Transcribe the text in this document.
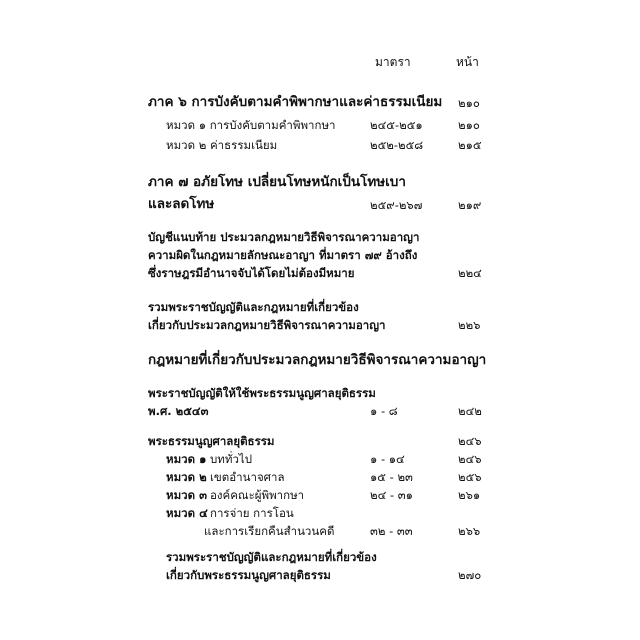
มาตรา	หน้า
ภาค ๖ การบังคับตามคำพิพากษาและค่าธรรมเนียม ๒๑๐
หมวด ๑ การบังคับตามคำพิพากษา	๒๔๕-๒๕๑	๒๑๐
หมวด ๒ ค่าธรรมเนียม	๒๕๒-๒๕๘	๒๑๕
ภาค ๗ อภัยโทษ เปลี่ยนโทษหนักเป็นโทษเบา
และลดโทษ	๒๕๙-๒๖๗	๒๑๙
บัญชีแนบท้าย ประมวลกฎหมายวิธีพิจารณาความอาญา
ความผิดในกฎหมายลักษณะอาญา ที่มาตรา ๗๙ อ้างถึง
ซึ่งราษฎรมีอำนาจจับได้โดยไม่ต้องมีหมาย	๒๒๔
รวมพระราชบัญญัติและกฎหมายที่เกี่ยวข้อง
เกี่ยวกับประมวลกฎหมายวิธีพิจารณาความอาญา	๒๒๖
กฎหมายที่เกี่ยวกับประมวลกฎหมายวิธีพิจารณาความอาญา
พระราชบัญญัติให้ใช้พระธรรมนูญศาลยุติธรรม
พ.ศ. ๒๕๔๓	๑ - ๘	๒๔๒
พระธรรมนูญศาลยุติธรรม	๒๔๖
หมวด ๑ บททั่วไป	๑ - ๑๔	๒๔๖
หมวด ๒ เขตอำนาจศาล	๑๕ - ๒๓	๒๕๖
หมวด ๓ องค์คณะผู้พิพากษา	๒๔ - ๓๑	๒๖๑
หมวด ๔ การจ่าย การโอน
และการเรียกคืนสำนวนคดี	๓๒ - ๓๓	๒๖๖
รวมพระราชบัญญัติและกฎหมายที่เกี่ยวข้อง
เกี่ยวกับพระธรรมนูญศาลยุติธรรม	๒๗๐
